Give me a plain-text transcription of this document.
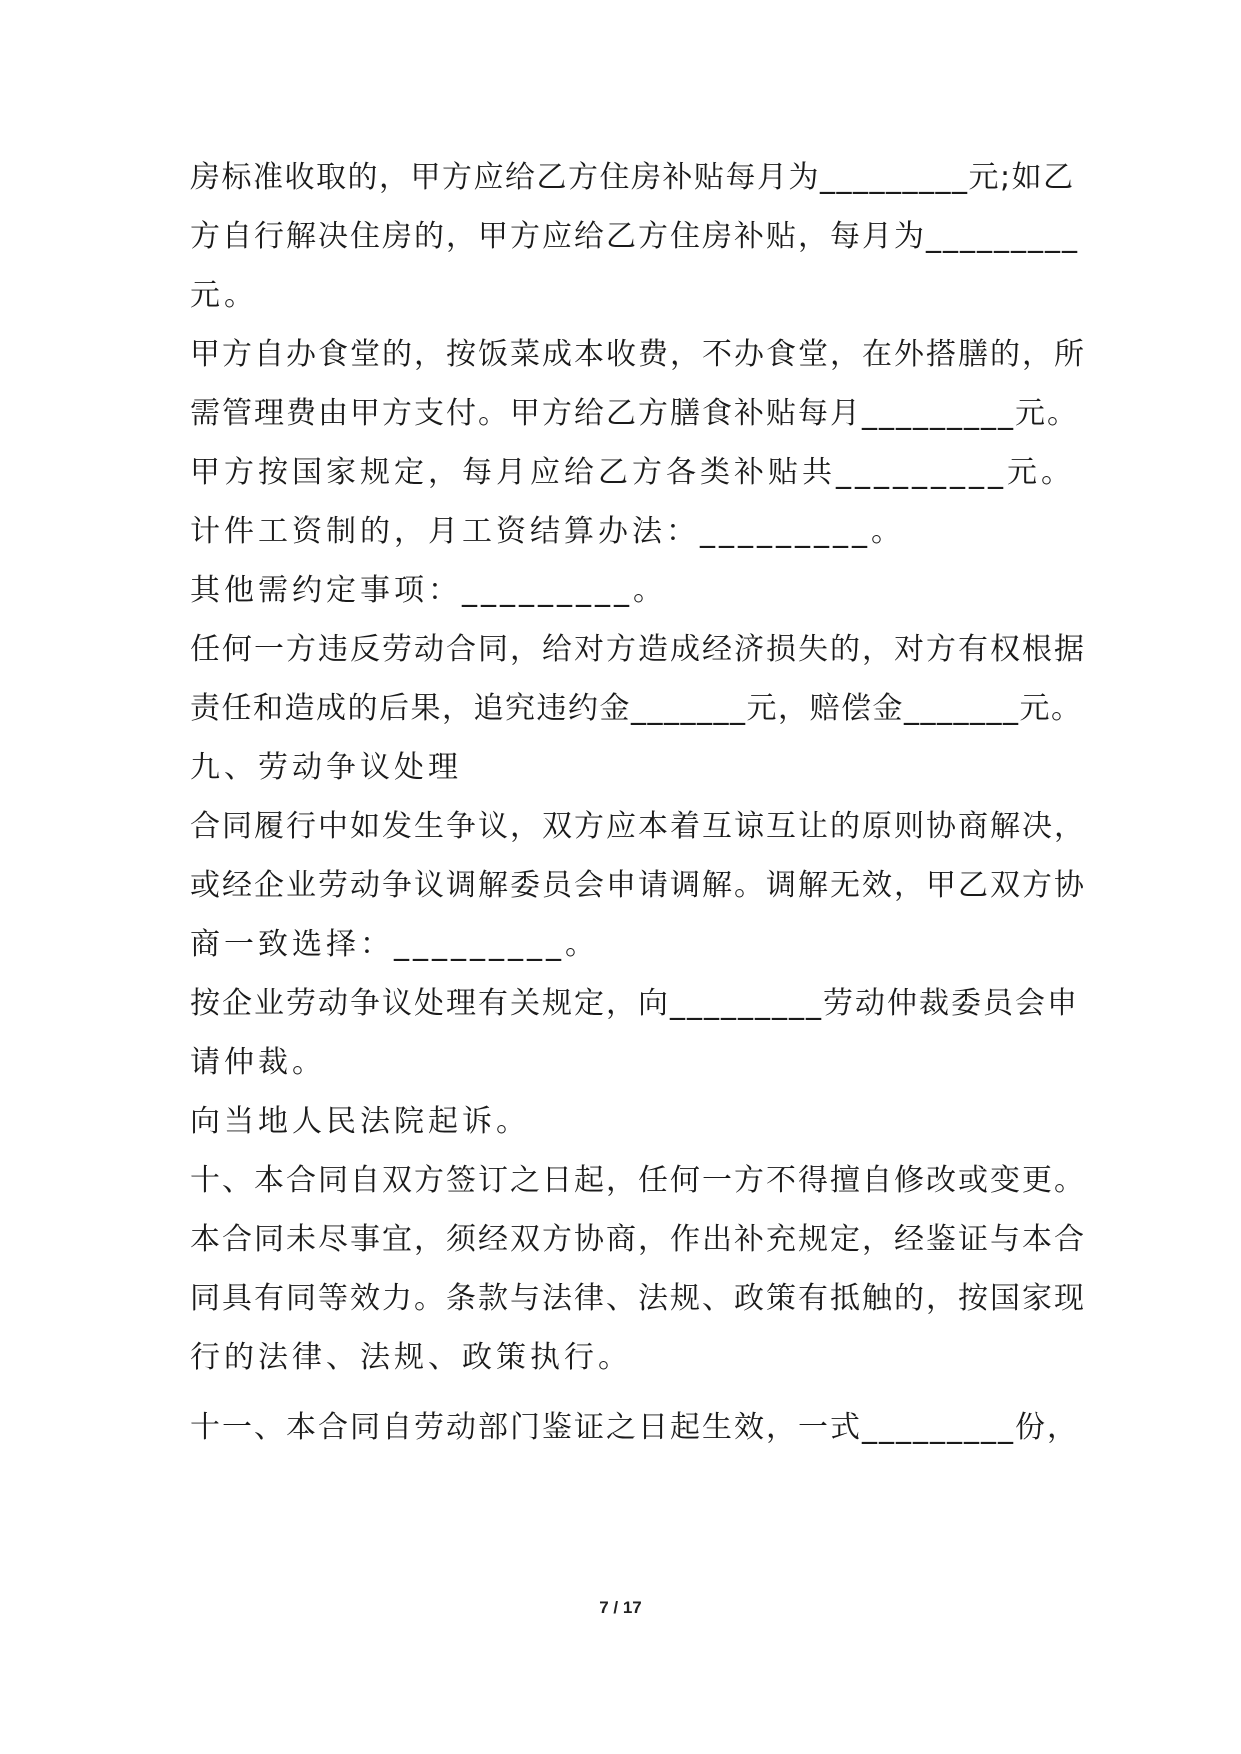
房标准收取的，甲方应给乙方住房补贴每月为_________元;如乙
方自行解决住房的，甲方应给乙方住房补贴，每月为_________
元。
甲方自办食堂的，按饭菜成本收费，不办食堂，在外搭膳的，所
需管理费由甲方支付。甲方给乙方膳食补贴每月_________元。
甲方按国家规定，每月应给乙方各类补贴共_________元。
计件工资制的，月工资结算办法：_________。
其他需约定事项：_________。
任何一方违反劳动合同，给对方造成经济损失的，对方有权根据
责任和造成的后果，追究违约金_______元，赔偿金_______元。
九、劳动争议处理
合同履行中如发生争议，双方应本着互谅互让的原则协商解决，
或经企业劳动争议调解委员会申请调解。调解无效，甲乙双方协
商一致选择：_________。
按企业劳动争议处理有关规定，向_________劳动仲裁委员会申
请仲裁。
向当地人民法院起诉。
十、本合同自双方签订之日起，任何一方不得擅自修改或变更。
本合同未尽事宜，须经双方协商，作出补充规定，经鉴证与本合
同具有同等效力。条款与法律、法规、政策有抵触的，按国家现
行的法律、法规、政策执行。
十一、本合同自劳动部门鉴证之日起生效，一式_________份，
7 / 17
